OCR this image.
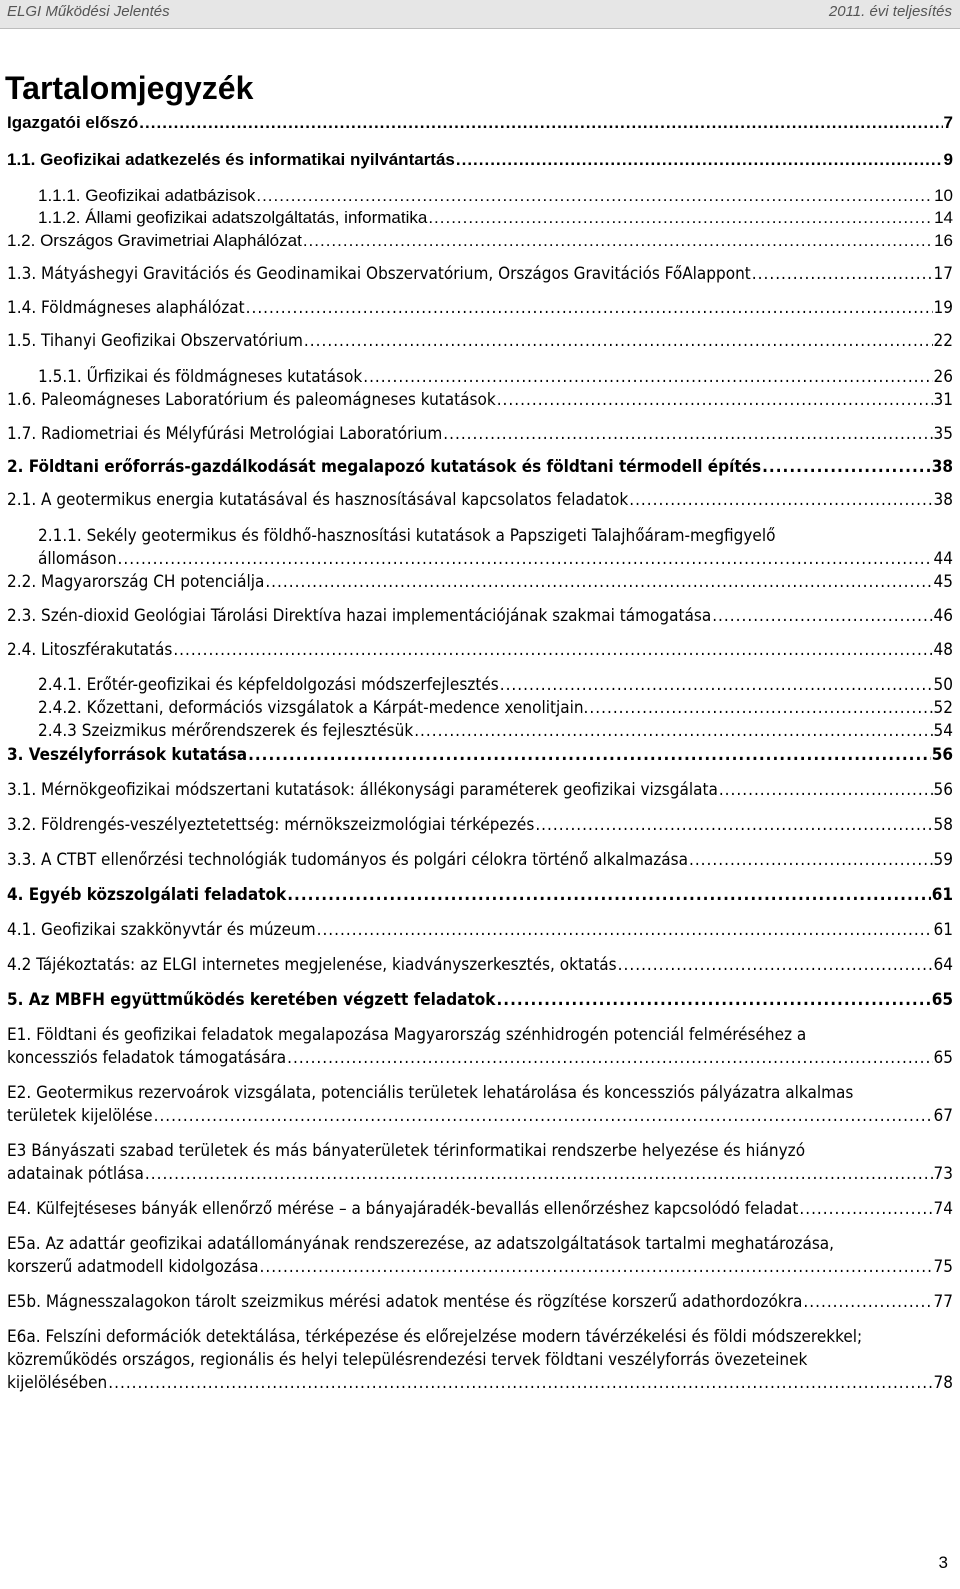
ELGI Működési Jelentés	2011. évi teljesítés
Tartalomjegyzék
Igazgatói előszó .....	7
1.1. Geofizikai adatkezelés és informatikai nyilvántartás .....	9
1.1.1. Geofizikai adatbázisok .....	10
1.1.2. Állami geofizikai adatszolgáltatás, informatika .....	14
1.2. Országos Gravimetriai Alaphálózat .....	16
1.3. Mátyáshegyi Gravitációs és Geodinamikai Obszervatórium, Országos Gravitációs FőAlappont .....	17
1.4. Földmágneses alaphálózat .....	19
1.5. Tihanyi Geofizikai Obszervatórium .....	22
1.5.1. Űrfizikai és földmágneses kutatások .....	26
1.6. Paleomágneses Laboratórium és paleomágneses kutatások .....	31
1.7. Radiometriai és Mélyfúrási Metrológiai Laboratórium .....	35
2. Földtani erőforrás-gazdálkodását megalapozó kutatások és földtani térmodell építés .....	38
2.1. A geotermikus energia kutatásával és hasznosításával kapcsolatos feladatok .....	38
2.1.1. Sekély geotermikus és földhő-hasznosítási kutatások a Papszigeti Talajhőáram-megfigyelő
állomáson .....	44
2.2. Magyarország CH potenciálja .....	45
2.3. Szén-dioxid Geológiai Tárolási Direktíva hazai implementációjának szakmai támogatása .....	46
2.4. Litoszférakutatás .....	48
2.4.1. Erőtér-geofizikai és képfeldolgozási módszerfejlesztés .....	50
2.4.2. Kőzettani, deformációs vizsgálatok a Kárpát-medence xenolitjain. .....	52
2.4.3 Szeizmikus mérőrendszerek és fejlesztésük .....	54
3. Veszélyforrások kutatása .....	56
3.1. Mérnökgeofizikai módszertani kutatások: állékonysági paraméterek geofizikai vizsgálata .....	56
3.2. Földrengés-veszélyeztetettség: mérnökszeizmológiai térképezés .....	58
3.3. A CTBT ellenőrzési technológiák tudományos és polgári célokra történő alkalmazása .....	59
4. Egyéb közszolgálati feladatok .....	61
4.1. Geofizikai szakkönyvtár és múzeum .....	61
4.2 Tájékoztatás: az ELGI internetes megjelenése, kiadványszerkesztés, oktatás .....	64
5. Az MBFH együttműködés keretében végzett feladatok .....	65
E1. Földtani és geofizikai feladatok megalapozása Magyarország szénhidrogén potenciál felméréséhez a
koncessziós feladatok támogatására .....	65
E2. Geotermikus rezervoárok vizsgálata, potenciális területek lehatárolása és koncessziós pályázatra alkalmas
területek kijelölése .....	67
E3 Bányászati szabad területek és más bányaterületek térinformatikai rendszerbe helyezése és hiányzó
adatainak pótlása .....	73
E4. Külfejtéseses bányák ellenőrző mérése – a bányajáradék-bevallás ellenőrzéshez kapcsolódó feladat .....	74
E5a. Az adattár geofizikai adatállományának rendszerezése, az adatszolgáltatások tartalmi meghatározása,
korszerű adatmodell kidolgozása .....	75
E5b. Mágnesszalagokon tárolt szeizmikus mérési adatok mentése és rögzítése korszerű adathordozókra .....	77
E6a. Felszíni deformációk detektálása, térképezése és előrejelzése modern távérzékelési és földi módszerekkel;
közreműködés országos, regionális és helyi településrendezési tervek földtani veszélyforrás övezeteinek
kijelölésében .....	78
3
